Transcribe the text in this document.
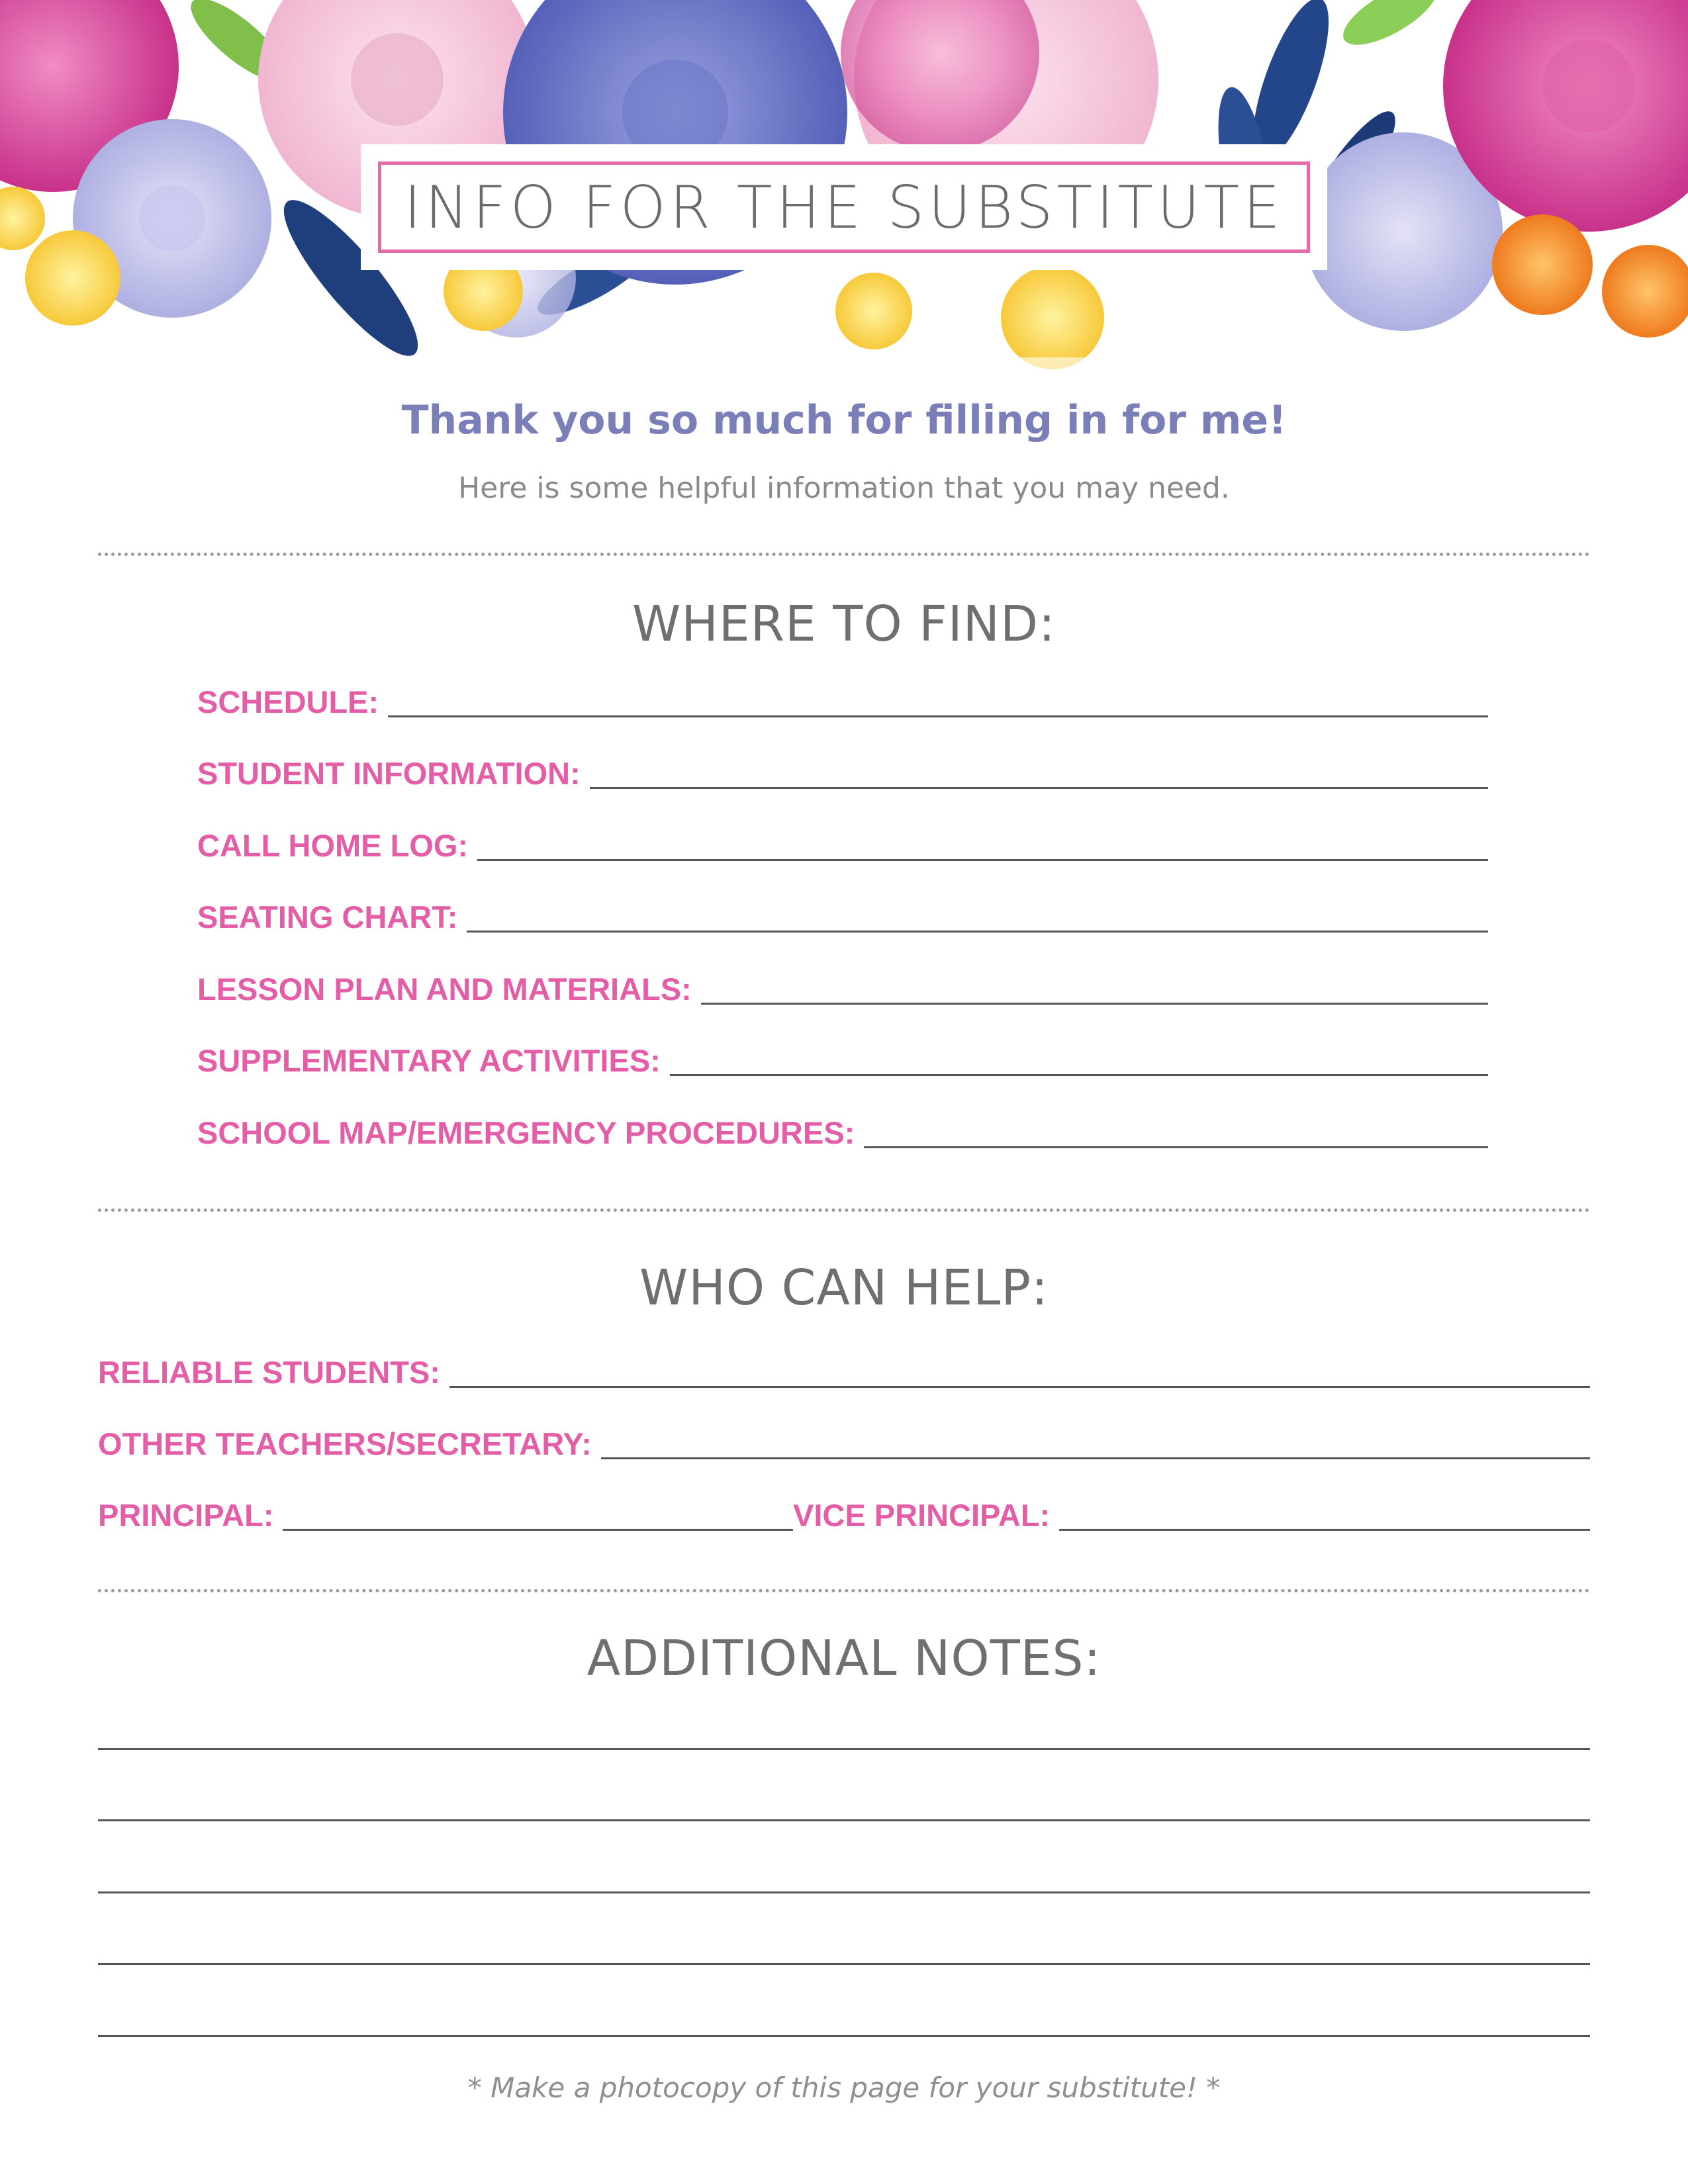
INFO FOR THE SUBSTITUTE
Thank you so much for filling in for me!
Here is some helpful information that you may need.
WHERE TO FIND:
SCHEDULE:
STUDENT INFORMATION:
CALL HOME LOG:
SEATING CHART:
LESSON PLAN AND MATERIALS:
SUPPLEMENTARY ACTIVITIES:
SCHOOL MAP/EMERGENCY PROCEDURES:
WHO CAN HELP:
RELIABLE STUDENTS:
OTHER TEACHERS/SECRETARY:
PRINCIPAL:	VICE PRINCIPAL:
ADDITIONAL NOTES:
* Make a photocopy of this page for your substitute! *
